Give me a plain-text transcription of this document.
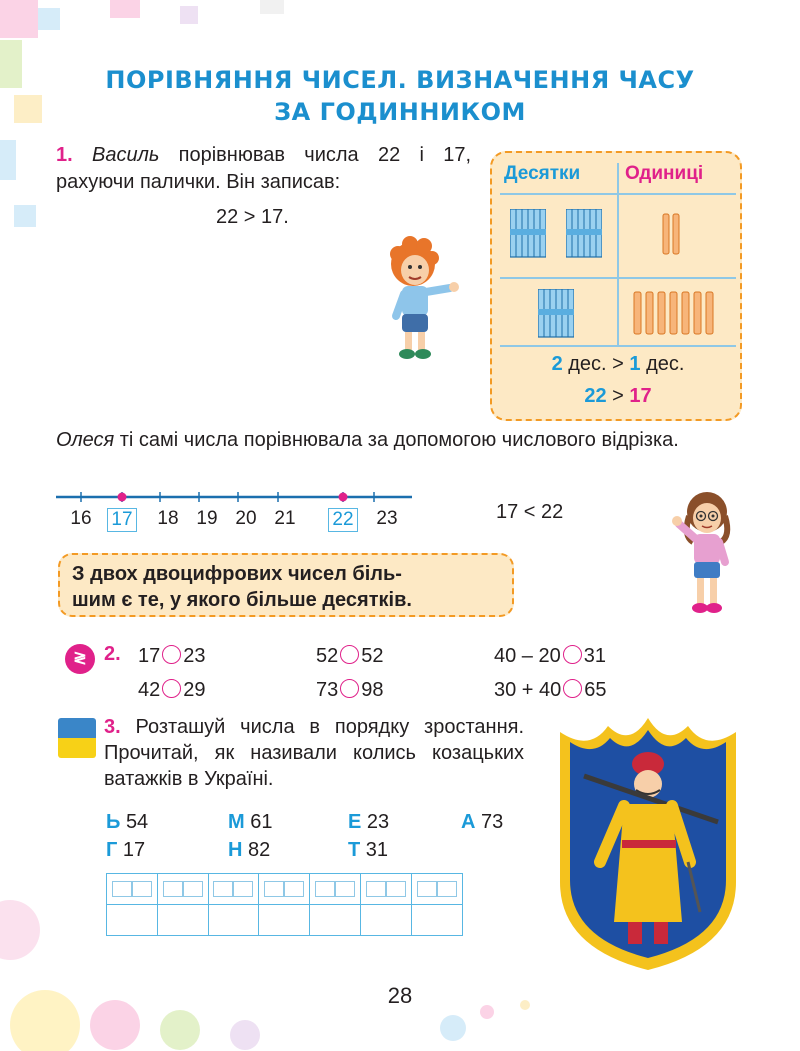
ПОРІВНЯННЯ ЧИСЕЛ. ВИЗНАЧЕННЯ ЧАСУ
ЗА ГОДИННИКОМ
1. Василь порівнював числа 22 і 17, рахуючи палички. Він записав:
22 > 17.
Десятки Одиниці
2 дес. > 1 дес.
22 > 17
Олеся ті самі числа порівнювала за допомогою числового відрізка.
16 17 18 19 20 21 22 23	17 < 22
З двох двоцифрових чисел біль-
шим є те, у якого більше десятків.
≷ 2. 17 23	52 52	40 – 20 31
42 29	73 98	30 + 40 65
3. Розташуй числа в порядку зростання. Прочитай, як називали колись козацьких ватажків в Україні.
Ь 54	М 61	Е 23	А 73
Г 17	Н 82	Т 31

28
